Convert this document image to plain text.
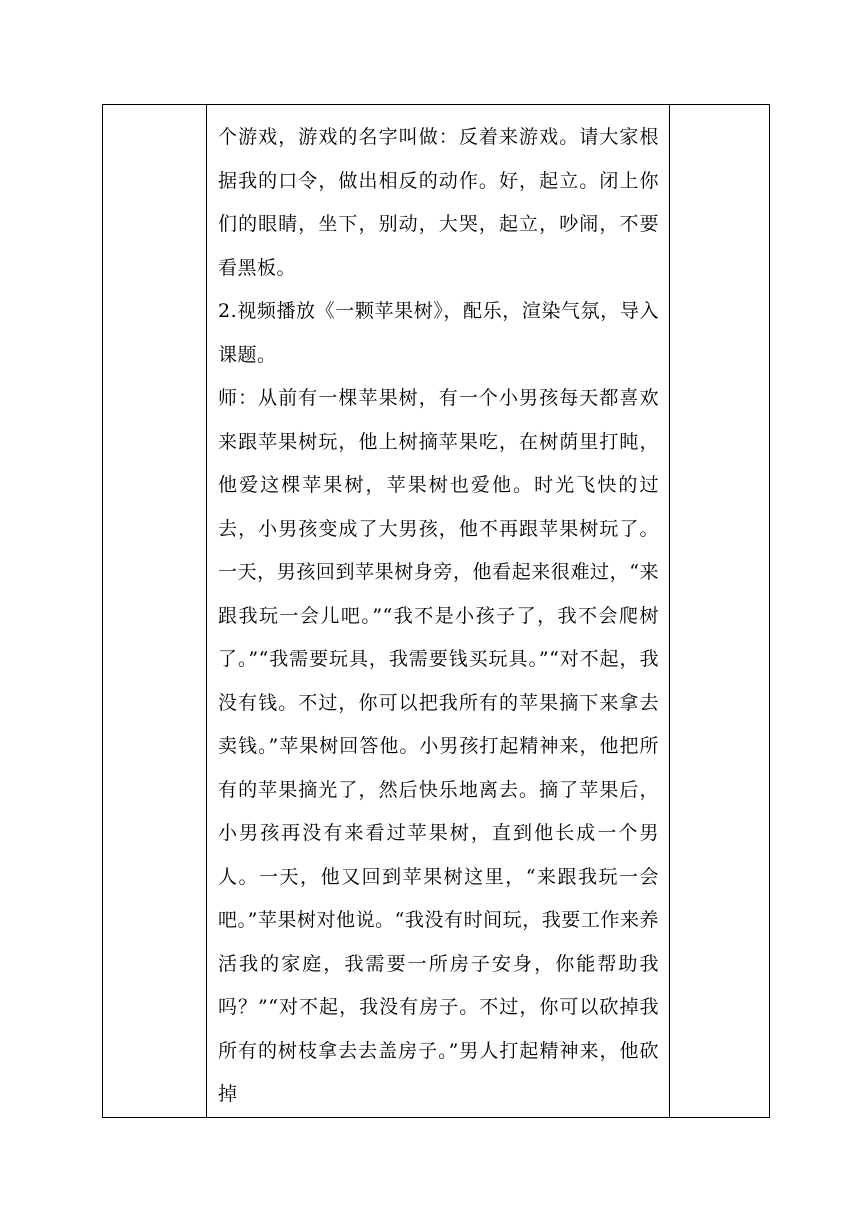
个游戏，游戏的名字叫做：反着来游戏。请大家根据我的口令，做出相反的动作。好，起立。闭上你们的眼睛，坐下，别动，大哭，起立，吵闹，不要看黑板。

2.视频播放《一颗苹果树》，配乐，渲染气氛，导入课题。

师：从前有一棵苹果树，有一个小男孩每天都喜欢来跟苹果树玩，他上树摘苹果吃，在树荫里打盹，他爱这棵苹果树，苹果树也爱他。时光飞快的过去，小男孩变成了大男孩，他不再跟苹果树玩了。一天，男孩回到苹果树身旁，他看起来很难过，“来跟我玩一会儿吧。”“我不是小孩子了，我不会爬树了。”“我需要玩具，我需要钱买玩具。”“对不起，我没有钱。不过，你可以把我所有的苹果摘下来拿去卖钱。”苹果树回答他。小男孩打起精神来，他把所有的苹果摘光了，然后快乐地离去。摘了苹果后，小男孩再没有来看过苹果树，直到他长成一个男人。一天，他又回到苹果树这里，“来跟我玩一会吧。”苹果树对他说。“我没有时间玩，我要工作来养活我的家庭，我需要一所房子安身，你能帮助我吗？”“对不起，我没有房子。不过，你可以砍掉我所有的树枝拿去去盖房子。”男人打起精神来，他砍掉
